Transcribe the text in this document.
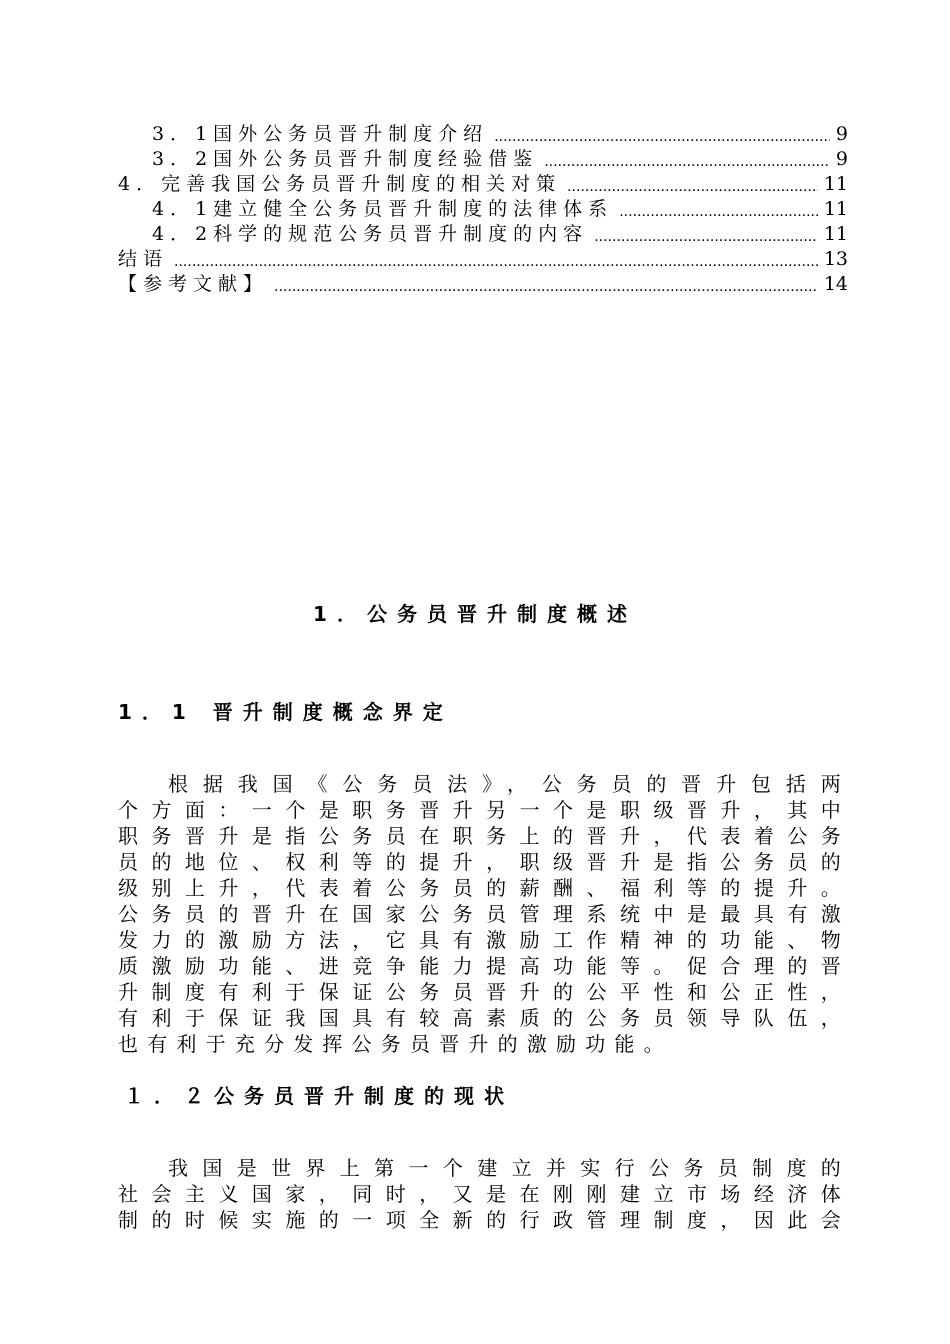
3．1国外公务员晋升制度介绍 .....	9
3．2国外公务员晋升制度经验借鉴 .....	9
4．完善我国公务员晋升制度的相关对策 .....	11
4．1建立健全公务员晋升制度的法律体系 .....	11
4．2科学的规范公务员晋升制度的内容 .....	11
结语 .....	13
【参考文献】 .....	14
1．公务员晋升制度概述
1．1 晋升制度概念界定
根据我国《公务员法》，公务员的晋升包括两
个方面：一个是职务晋升另一个是职级晋升，其中
职务晋升是指公务员在职务上的晋升，代表着公务
员的地位、权利等的提升，职级晋升是指公务员的
级别上升，代表着公务员的薪酬、福利等的提升。
公务员的晋升在国家公务员管理系统中是最具有激
发力的激励方法，它具有激励工作精神的功能、物
质激励功能、进竞争能力提高功能等。促合理的晋
升制度有利于保证公务员晋升的公平性和公正性，
有利于保证我国具有较高素质的公务员领导队伍，
也有利于充分发挥公务员晋升的激励功能。
１．２公务员晋升制度的现状
我国是世界上第一个建立并实行公务员制度的
社会主义国家，同时，又是在刚刚建立市场经济体
制的时候实施的一项全新的行政管理制度，因此会
